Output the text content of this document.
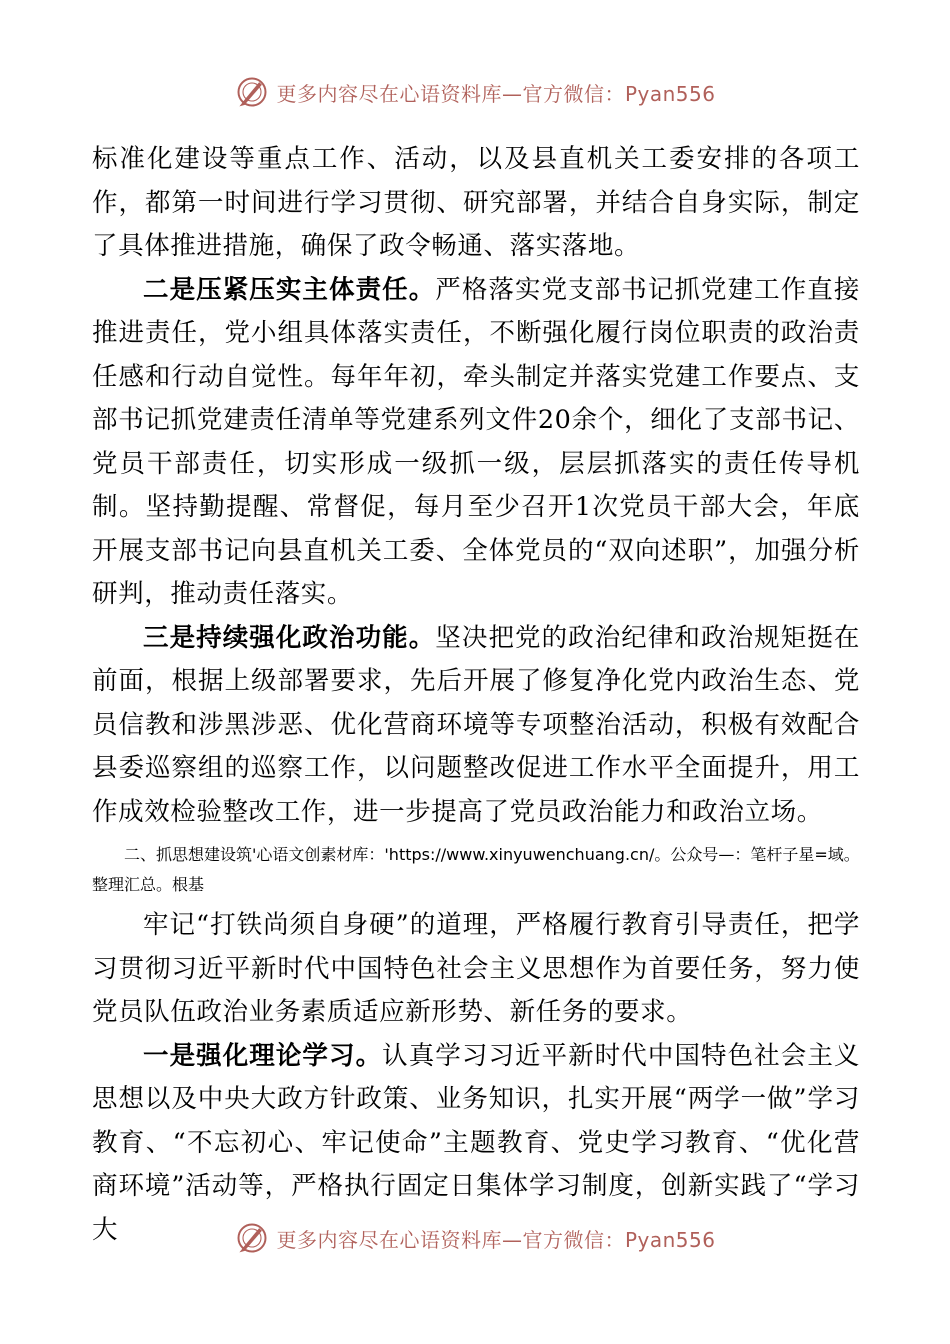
更多内容尽在心语资料库—官方微信：Pyan556

标准化建设等重点工作、活动，以及县直机关工委安排的各项工作，都第一时间进行学习贯彻、研究部署，并结合自身实际，制定了具体推进措施，确保了政令畅通、落实落地。

二是压紧压实主体责任。严格落实党支部书记抓党建工作直接推进责任，党小组具体落实责任，不断强化履行岗位职责的政治责任感和行动自觉性。每年年初，牵头制定并落实党建工作要点、支部书记抓党建责任清单等党建系列文件20余个，细化了支部书记、党员干部责任，切实形成一级抓一级，层层抓落实的责任传导机制。坚持勤提醒、常督促，每月至少召开1次党员干部大会，年底开展支部书记向县直机关工委、全体党员的“双向述职”，加强分析研判，推动责任落实。

三是持续强化政治功能。坚决把党的政治纪律和政治规矩挺在前面，根据上级部署要求，先后开展了修复净化党内政治生态、党员信教和涉黑涉恶、优化营商环境等专项整治活动，积极有效配合县委巡察组的巡察工作，以问题整改促进工作水平全面提升，用工作成效检验整改工作，进一步提高了党员政治能力和政治立场。

二、抓思想建设筑'心语文创素材库：'https://www.xinyuwenchuang.cn/。公众号—：笔杆子星=域。整理汇总。根基

牢记“打铁尚须自身硬”的道理，严格履行教育引导责任，把学习贯彻习近平新时代中国特色社会主义思想作为首要任务，努力使党员队伍政治业务素质适应新形势、新任务的要求。

一是强化理论学习。认真学习习近平新时代中国特色社会主义思想以及中央大政方针政策、业务知识，扎实开展“两学一做”学习教育、“不忘初心、牢记使命”主题教育、党史学习教育、“优化营商环境”活动等，严格执行固定日集体学习制度，创新实践了“学习大	更多内容尽在心语资料库—官方微信：Pyan556
